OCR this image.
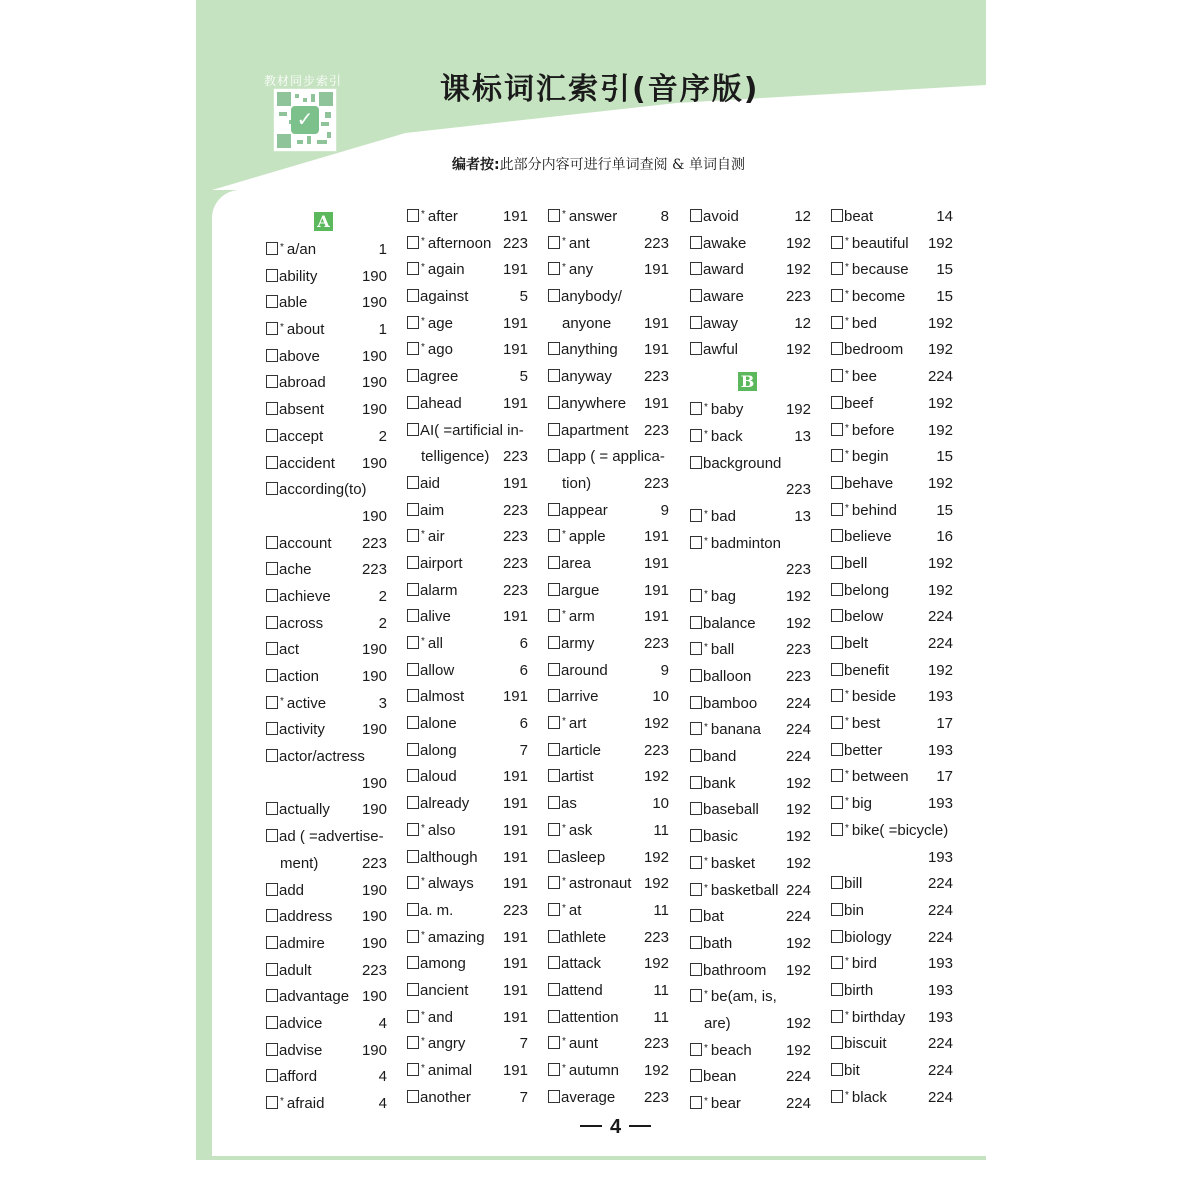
教材同步索引
✓
课标词汇索引(音序版)
编者按:此部分内容可进行单词查阅 & 单词自测
A
* a/an	1
ability	190
able	190
* about	1
above	190
abroad 190
absent	190
accept	2
accident 190
according(to)
190
account 223
ache	223
achieve	2
across	2
act	190
action	190
* active	3
activity 190
actor/actress
190
actually 190
ad ( =advertise-
ment)	223
add	190
address 190
admire 190
adult	223
advantage 190
advice	4
advise	190
afford	4
* afraid	4
* after	191
* afternoon 223
* again	191
against	5
* age	191
* ago	191
agree	5
ahead	191
AI( =artificial in-
telligence) 223
aid	191
aim	223
* air	223
airport	223
alarm	223
alive	191
* all	6
allow	6
almost	191
alone	6
along	7
aloud	191
already 191
* also	191
although 191
* always 191
a. m.	223
* amazing 191
among 191
ancient 191
* and	191
* angry	7
* animal 191
another	7
* answer	8
* ant	223
* any	191
anybody/
anyone 191
anything 191
anyway 223
anywhere 191
apartment 223
app ( = applica-
tion)	223
appear	9
* apple	191
area	191
argue	191
* arm	191
army	223
around	9
arrive	10
* art	192
article	223
artist	192
as	10
* ask	11
asleep	192
* astronaut 192
* at	11
athlete	223
attack	192
attend	11
attention 11
* aunt	223
* autumn 192
average 223
avoid	12
awake	192
award	192
aware	223
away	12
awful	192
B
* baby	192
* back	13
background
223
* bad	13
* badminton
223
* bag	192
balance 192
* ball	223
balloon 223
bamboo 224
* banana 224
band	224
bank	192
baseball 192
basic	192
* basket 192
* basketball 224
bat	224
bath	192
bathroom 192
* be(am, is,
are)	192
* beach 192
bean	224
* bear	224
beat	14
* beautiful 192
* because 15
* become 15
* bed	192
bedroom 192
* bee	224
beef	192
* before 192
* begin	15
behave 192
* behind	15
believe	16
bell	192
belong	192
below	224
belt	224
benefit	192
* beside 193
* best	17
better	193
* between 17
* big	193
* bike( =bicycle)
193
bill	224
bin	224
biology 224
* bird	193
birth	193
* birthday 193
biscuit	224
bit	224
* black	224
4
